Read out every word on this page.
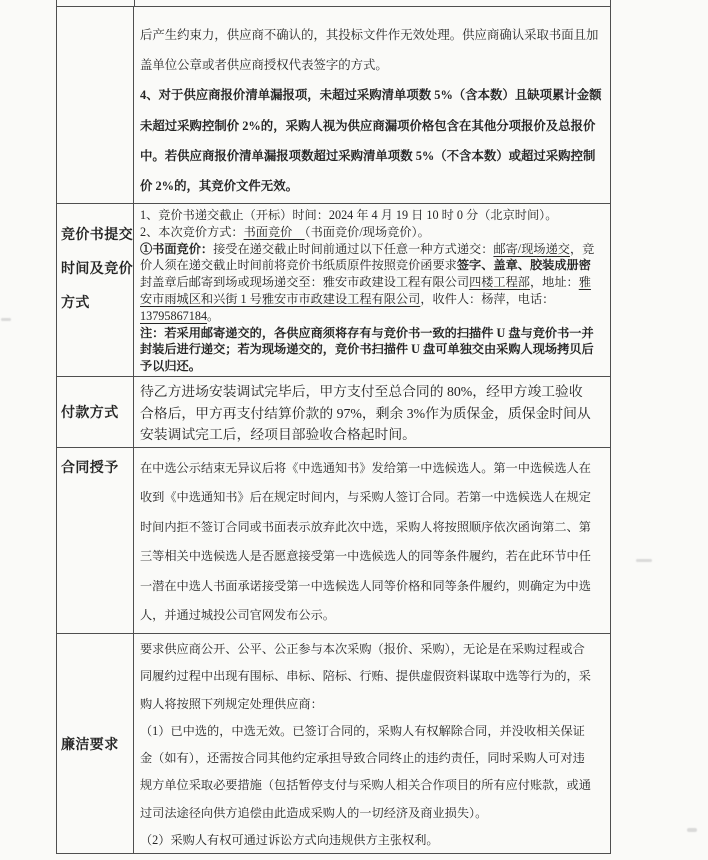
后产生约束力，供应商不确认的，其投标文件作无效处理。供应商确认采取书面且加
盖单位公章或者供应商授权代表签字的方式。
4、对于供应商报价清单漏报项，未超过采购清单项数 5%（含本数）且缺项累计金额
未超过采购控制价 2%的，采购人视为供应商漏项价格包含在其他分项报价及总报价
中。若供应商报价清单漏报项数超过采购清单项数 5%（不含本数）或超过采购控制
价 2%的，其竞价文件无效。
竞价书提交
时间及竞价
方式
1、竞价书递交截止（开标）时间：2024 年 4 月 19 日 10 时 0 分（北京时间）。
2、本次竞价方式：书面竞价　（书面竞价/现场竞价）。
①书面竞价：接受在递交截止时间前通过以下任意一种方式递交：邮寄/现场递交，竞
价人须在递交截止时间前将竞价书纸质原件按照竞价函要求签字、盖章、胶装成册密
封盖章后邮寄到场或现场递交至：雅安市政建设工程有限公司四楼工程部，地址：雅
安市雨城区和兴街 1 号雅安市市政建设工程有限公司，收件人：杨萍，电话：
13795867184。
注：若采用邮寄递交的，各供应商须将存有与竞价书一致的扫描件 U 盘与竞价书一并
封装后进行递交；若为现场递交的，竞价书扫描件 U 盘可单独交由采购人现场拷贝后
予以归还。
付款方式
待乙方进场安装调试完毕后，甲方支付至总合同的 80%，经甲方竣工验收
合格后，甲方再支付结算价款的 97%，剩余 3%作为质保金，质保金时间从
安装调试完工后，经项目部验收合格起时间。
合同授予	在中选公示结束无异议后将《中选通知书》发给第一中选候选人。第一中选候选人在
收到《中选通知书》后在规定时间内，与采购人签订合同。若第一中选候选人在规定
时间内拒不签订合同或书面表示放弃此次中选，采购人将按照顺序依次函询第二、第
三等相关中选候选人是否愿意接受第一中选候选人的同等条件履约，若在此环节中任
一潜在中选人书面承诺接受第一中选候选人同等价格和同等条件履约，则确定为中选
人，并通过城投公司官网发布公示。
廉洁要求
要求供应商公开、公平、公正参与本次采购（报价、采购），无论是在采购过程或合
同履约过程中出现有围标、串标、陪标、行贿、提供虚假资料谋取中选等行为的，采
购人将按照下列规定处理供应商：
（1）已中选的，中选无效。已签订合同的，采购人有权解除合同，并没收相关保证
金（如有），还需按合同其他约定承担导致合同终止的违约责任，同时采购人可对违
规方单位采取必要措施（包括暂停支付与采购人相关合作项目的所有应付账款，或通
过司法途径向供方追偿由此造成采购人的一切经济及商业损失）。
（2）采购人有权可通过诉讼方式向违规供方主张权利。
